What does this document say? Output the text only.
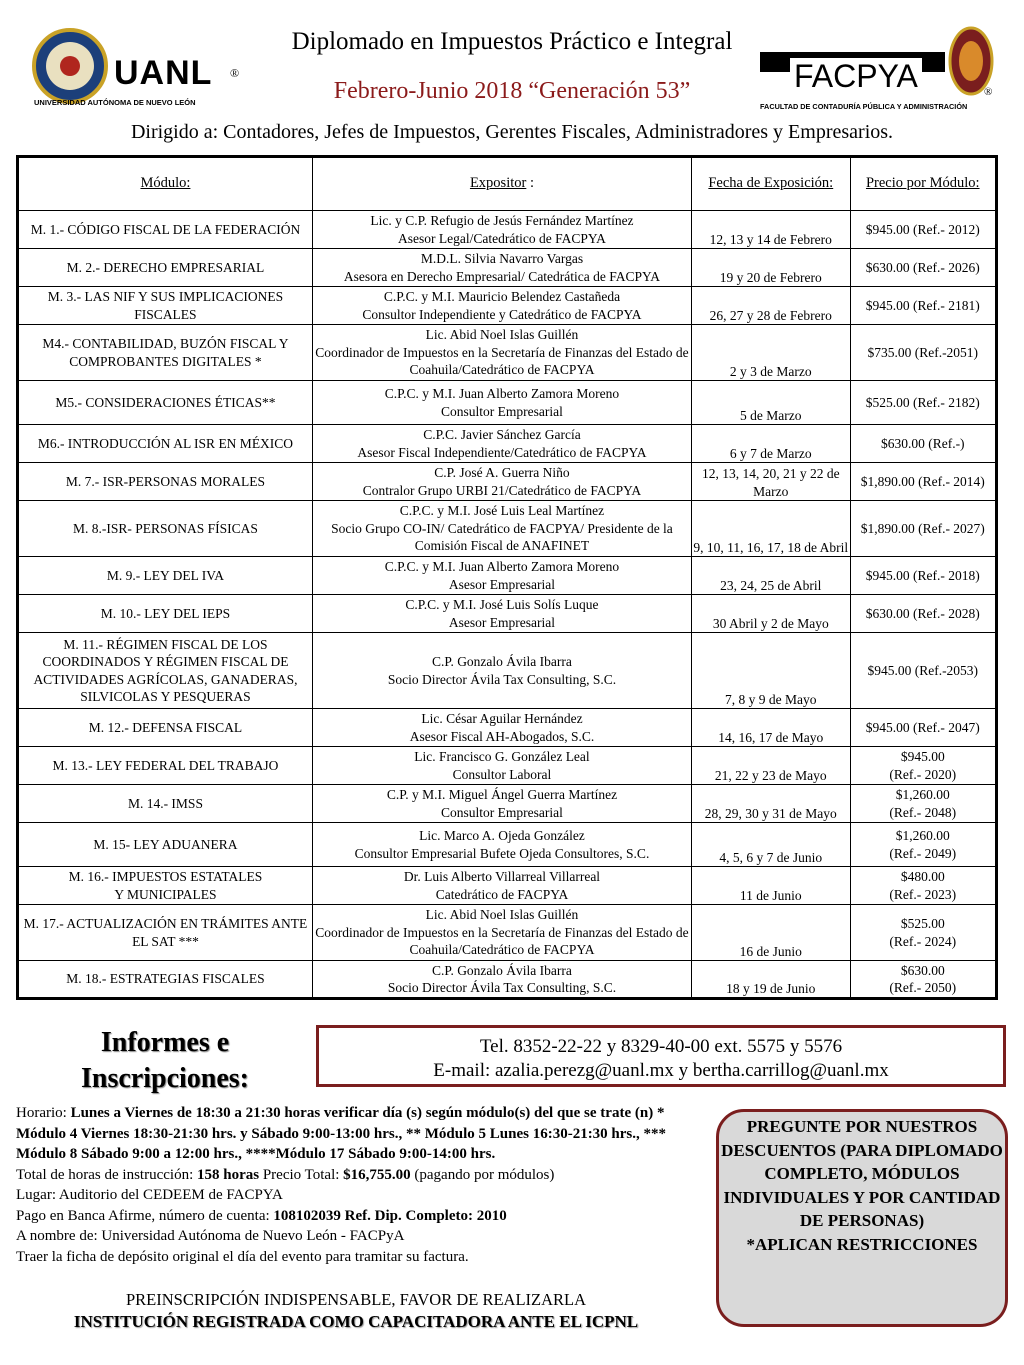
UANL ®
UNIVERSIDAD AUTÓNOMA DE NUEVO LEÓN
FACPYA	®
FACULTAD DE CONTADURÍA PÚBLICA Y ADMINISTRACIÓN
Diplomado en Impuestos Práctico e Integral
Febrero-Junio 2018 “Generación 53”
Dirigido a: Contadores, Jefes de Impuestos, Gerentes Fiscales, Administradores y Empresarios.
Módulo:	Expositor :	Fecha de Exposición:	Precio por Módulo:
M. 1.- CÓDIGO FISCAL DE LA FEDERACIÓN	Lic. y C.P. Refugio de Jesús Fernández Martínez
Asesor Legal/Catedrático de FACPYA	12, 13 y 14 de Febrero	$945.00 (Ref.- 2012)
M. 2.- DERECHO EMPRESARIAL	M.D.L. Silvia Navarro Vargas
Asesora en Derecho Empresarial/ Catedrática de FACPYA	19 y 20 de Febrero	$630.00 (Ref.- 2026)
M. 3.- LAS NIF Y SUS IMPLICACIONES FISCALES	C.P.C. y M.I. Mauricio Belendez Castañeda
Consultor Independiente y Catedrático de FACPYA	26, 27 y 28 de Febrero	$945.00 (Ref.- 2181)
M4.- CONTABILIDAD, BUZÓN FISCAL Y COMPROBANTES DIGITALES *	Lic. Abid Noel Islas Guillén
Coordinador de Impuestos en la Secretaría de Finanzas del Estado de Coahuila/Catedrático de FACPYA	2 y 3 de Marzo	$735.00 (Ref.-2051)
M5.- CONSIDERACIONES ÉTICAS**	C.P.C. y M.I. Juan Alberto Zamora Moreno
Consultor Empresarial	5 de Marzo	$525.00 (Ref.- 2182)
M6.- INTRODUCCIÓN AL ISR EN MÉXICO	C.P.C. Javier Sánchez García
Asesor Fiscal Independiente/Catedrático de FACPYA	6 y 7 de Marzo	$630.00 (Ref.-)
M. 7.- ISR-PERSONAS MORALES	C.P. José A. Guerra Niño
Contralor Grupo URBI 21/Catedrático de FACPYA	12, 13, 14, 20, 21 y 22 de Marzo	$1,890.00 (Ref.- 2014)
M. 8.-ISR- PERSONAS FÍSICAS	C.P.C. y M.I. José Luis Leal Martínez
Socio Grupo CO-IN/ Catedrático de FACPYA/ Presidente de la Comisión Fiscal de ANAFINET	9, 10, 11, 16, 17, 18 de Abril	$1,890.00 (Ref.- 2027)
M. 9.- LEY DEL IVA	C.P.C. y M.I. Juan Alberto Zamora Moreno
Asesor Empresarial	23, 24, 25 de Abril	$945.00 (Ref.- 2018)
M. 10.- LEY DEL IEPS	C.P.C. y M.I. José Luis Solís Luque
Asesor Empresarial	30 Abril y 2 de Mayo	$630.00 (Ref.- 2028)
M. 11.- RÉGIMEN FISCAL DE LOS COORDINADOS Y RÉGIMEN FISCAL DE ACTIVIDADES AGRÍCOLAS, GANADERAS, SILVICOLAS Y PESQUERAS	C.P. Gonzalo Ávila Ibarra
Socio Director Ávila Tax Consulting, S.C.	7, 8 y 9 de Mayo	$945.00 (Ref.-2053)
M. 12.- DEFENSA FISCAL	Lic. César Aguilar Hernández
Asesor Fiscal AH-Abogados, S.C.	14, 16, 17 de Mayo	$945.00 (Ref.- 2047)
M. 13.- LEY FEDERAL DEL TRABAJO	Lic. Francisco G. González Leal
Consultor Laboral	21, 22 y 23 de Mayo	$945.00
(Ref.- 2020)
M. 14.- IMSS	C.P. y M.I. Miguel Ángel Guerra Martínez
Consultor Empresarial	28, 29, 30 y 31 de Mayo	$1,260.00
(Ref.- 2048)
M. 15- LEY ADUANERA	Lic. Marco A. Ojeda González
Consultor Empresarial Bufete Ojeda Consultores, S.C.	4, 5, 6 y 7 de Junio	$1,260.00
(Ref.- 2049)
M. 16.- IMPUESTOS ESTATALES
Y MUNICIPALES	Dr. Luis Alberto Villarreal Villarreal
Catedrático de FACPYA	11 de Junio	$480.00
(Ref.- 2023)
M. 17.- ACTUALIZACIÓN EN TRÁMITES ANTE EL SAT ***	Lic. Abid Noel Islas Guillén
Coordinador de Impuestos en la Secretaría de Finanzas del Estado de Coahuila/Catedrático de FACPYA	16 de Junio	$525.00
(Ref.- 2024)
M. 18.- ESTRATEGIAS FISCALES	C.P. Gonzalo Ávila Ibarra
Socio Director Ávila Tax Consulting, S.C.	18 y 19 de Junio	$630.00
(Ref.- 2050)
Informes e
Inscripciones:
Tel. 8352-22-22 y 8329-40-00 ext. 5575 y 5576
E-mail: azalia.perezg@uanl.mx y bertha.carrillog@uanl.mx

Horario: Lunes a Viernes de 18:30 a 21:30 horas verificar día (s) según módulo(s) del que se trate (n) * Módulo 4 Viernes 18:30-21:30 hrs. y Sábado 9:00-13:00 hrs., ** Módulo 5 Lunes 16:30-21:30 hrs., *** Módulo 8 Sábado 9:00 a 12:00 hrs., ****Módulo 17 Sábado 9:00-14:00 hrs.

Total de horas de instrucción: 158 horas Precio Total: $16,755.00 (pagando por módulos)

Lugar: Auditorio del CEDEEM de FACPYA

Pago en Banca Afirme, número de cuenta: 108102039 Ref. Dip. Completo: 2010

A nombre de: Universidad Autónoma de Nuevo León - FACPyA

Traer la ficha de depósito original el día del evento para tramitar su factura.

PREINSCRIPCIÓN INDISPENSABLE, FAVOR DE REALIZARLA
INSTITUCIÓN REGISTRADA COMO CAPACITADORA ANTE EL ICPNL
PREGUNTE POR NUESTROS DESCUENTOS (PARA DIPLOMADO COMPLETO, MÓDULOS INDIVIDUALES Y POR CANTIDAD DE PERSONAS)
*APLICAN RESTRICCIONES
